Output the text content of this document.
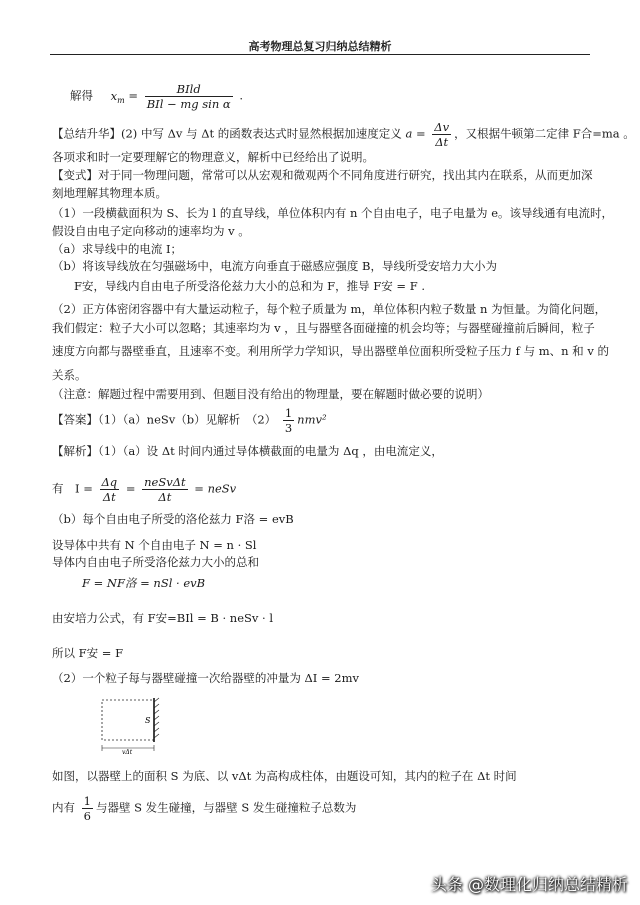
高考物理总复习归纳总结精析
解得 $x_m = \frac{\text{BIld}}{\text{BIl − mg sin α}}$ .
【总结升华】(2) 中写 Δv 与 Δt 的函数表达式时显然根据加速度定义 $a = \frac{\Delta v}{\Delta t}$ ，又根据牛顿第二定律 F合=ma 。
各项求和时一定要理解它的物理意义，解析中已经给出了说明。
【变式】对于同一物理问题，常常可以从宏观和微观两个不同角度进行研究，找出其内在联系，从而更加深
刻地理解其物理本质。
（1）一段横截面积为 S、长为 l 的直导线，单位体积内有 n 个自由电子，电子电量为 e。该导线通有电流时，
假设自由电子定向移动的速率均为 v 。
（a）求导线中的电流 I；
（b）将该导线放在匀强磁场中，电流方向垂直于磁感应强度 B，导线所受安培力大小为
F安，导线内自由电子所受洛伦兹力大小的总和为 F，推导 F安 = F .
（2）正方体密闭容器中有大量运动粒子，每个粒子质量为 m，单位体积内粒子数量 n 为恒量。为简化问题，
我们假定：粒子大小可以忽略；其速率均为 v ，且与器壁各面碰撞的机会均等；与器壁碰撞前后瞬间，粒子
速度方向都与器壁垂直，且速率不变。利用所学力学知识，导出器壁单位面积所受粒子压力 f 与 m、n 和 v 的
关系。
（注意：解题过程中需要用到、但题目没有给出的物理量，要在解题时做必要的说明）
【答案】（1）（a）neSv（b）见解析　$(2) \frac{1}{3} nmv^2$
【解析】（1）（a）设 Δt 时间内通过导体横截面的电量为 Δq ，由电流定义，
有　$I = \frac{\Delta q}{\Delta t} = \frac{\text{neSvΔt}}{\Delta t}$ = neSv
（b）每个自由电子所受的洛伦兹力 F洛 = evB
设导体中共有 N 个自由电子 N = n · Sl
导体内自由电子所受洛伦兹力大小的总和
F = NF洛 = nSl · evB
由安培力公式，有 F安=BIl = B · neSv · l
所以 F安 = F
（2）一个粒子每与器壁碰撞一次给器壁的冲量为 ΔI = 2mv
S
vΔt
如图，以器壁上的面积 S 为底、以 vΔt 为高构成柱体，由题设可知，其内的粒子在 Δt 时间
内有 $\frac{1}{6}$ 与器壁 S 发生碰撞，与器壁 S 发生碰撞粒子总数为
头条 @数理化归纳总结精析
